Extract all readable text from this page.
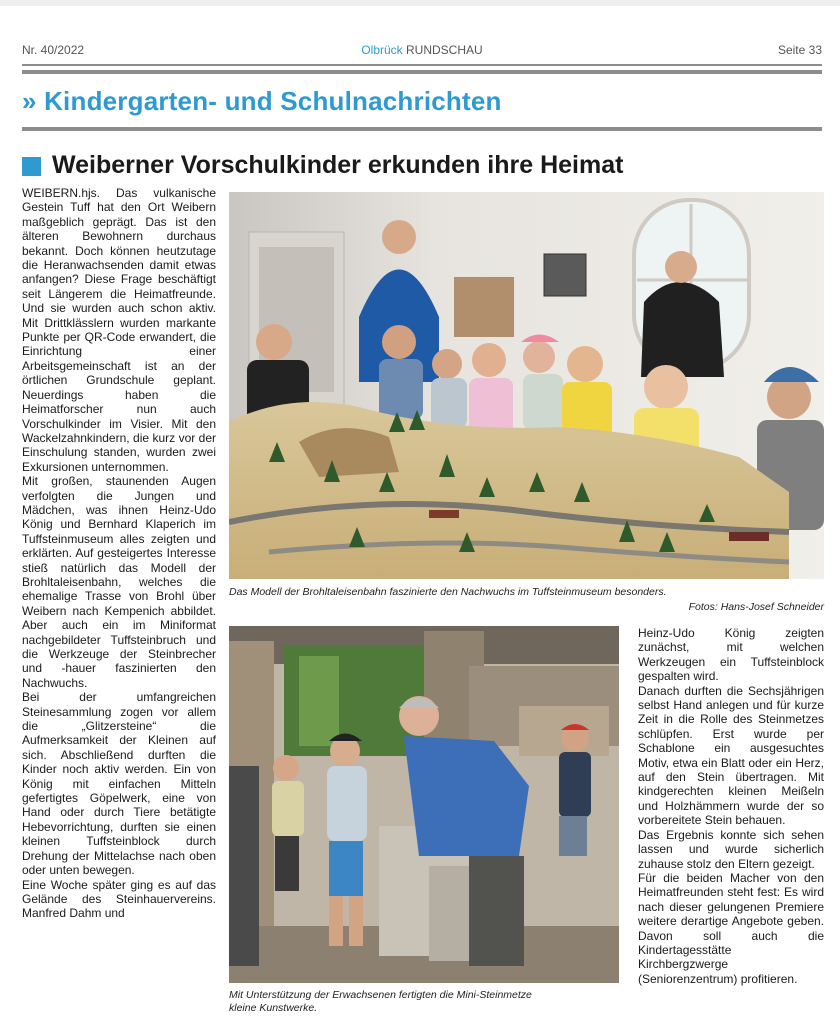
Nr. 40/2022	Olbrück RUNDSCHAU	Seite 33
» Kindergarten- und Schulnachrichten
Weiberner Vorschulkinder erkunden ihre Heimat

WEIBERN.hjs. Das vulkanische Gestein Tuff hat den Ort Weibern maßgeblich geprägt. Das ist den älteren Bewohnern durchaus bekannt. Doch können heutzutage die Heranwachsenden damit etwas anfangen? Diese Frage beschäftigt seit Längerem die Heimatfreunde. Und sie wurden auch schon aktiv. Mit Drittklässlern wurden markante Punkte per QR-Code erwandert, die Einrichtung einer Arbeitsgemeinschaft ist an der örtlichen Grundschule geplant. Neuerdings haben die Heimatforscher nun auch Vorschulkinder im Visier. Mit den Wackelzahnkindern, die kurz vor der Einschulung standen, wurden zwei Exkursionen unternommen.

Mit großen, staunenden Augen verfolgten die Jungen und Mädchen, was ihnen Heinz-Udo König und Bernhard Klaperich im Tuffsteinmuseum alles zeigten und erklärten. Auf gesteigertes Interesse stieß natürlich das Modell der Brohltaleisenbahn, welches die ehemalige Trasse von Brohl über Weibern nach Kempenich abbildet. Aber auch ein im Miniformat nachgebildeter Tuffsteinbruch und die Werkzeuge der Steinbrecher und -hauer faszinierten den Nachwuchs.

Bei der umfangreichen Steinesammlung zogen vor allem die „Glitzersteine“ die Aufmerksamkeit der Kleinen auf sich. Abschließend durften die Kinder noch aktiv werden. Ein von König mit einfachen Mitteln gefertigtes Göpelwerk, eine von Hand oder durch Tiere betätigte Hebevorrichtung, durften sie einen kleinen Tuffsteinblock durch Drehung der Mittelachse nach oben oder unten bewegen.

Eine Woche später ging es auf das Gelände des Steinhauervereins. Manfred Dahm und

Das Modell der Brohltaleisenbahn faszinierte den Nachwuchs im Tuffsteinmuseum besonders.
Fotos: Hans-Josef Schneider
Mit Unterstützung der Erwachsenen fertigten die Mini-Steinmetze
kleine Kunstwerke.

Heinz-Udo König zeigten zunächst, mit welchen Werkzeugen ein Tuffsteinblock gespalten wird.

Danach durften die Sechsjährigen selbst Hand anlegen und für kurze Zeit in die Rolle des Steinmetzes schlüpfen. Erst wurde per Schablone ein ausgesuchtes Motiv, etwa ein Blatt oder ein Herz, auf den Stein übertragen. Mit kindgerechten kleinen Meißeln und Holzhämmern wurde der so vorbereitete Stein behauen.

Das Ergebnis konnte sich sehen lassen und wurde sicherlich zuhause stolz den Eltern gezeigt.

Für die beiden Macher von den Heimatfreunden steht fest: Es wird nach dieser gelungenen Premiere weitere derartige Angebote geben. Davon soll auch die Kindertagesstätte Kirchbergzwerge (Seniorenzentrum) profitieren.
